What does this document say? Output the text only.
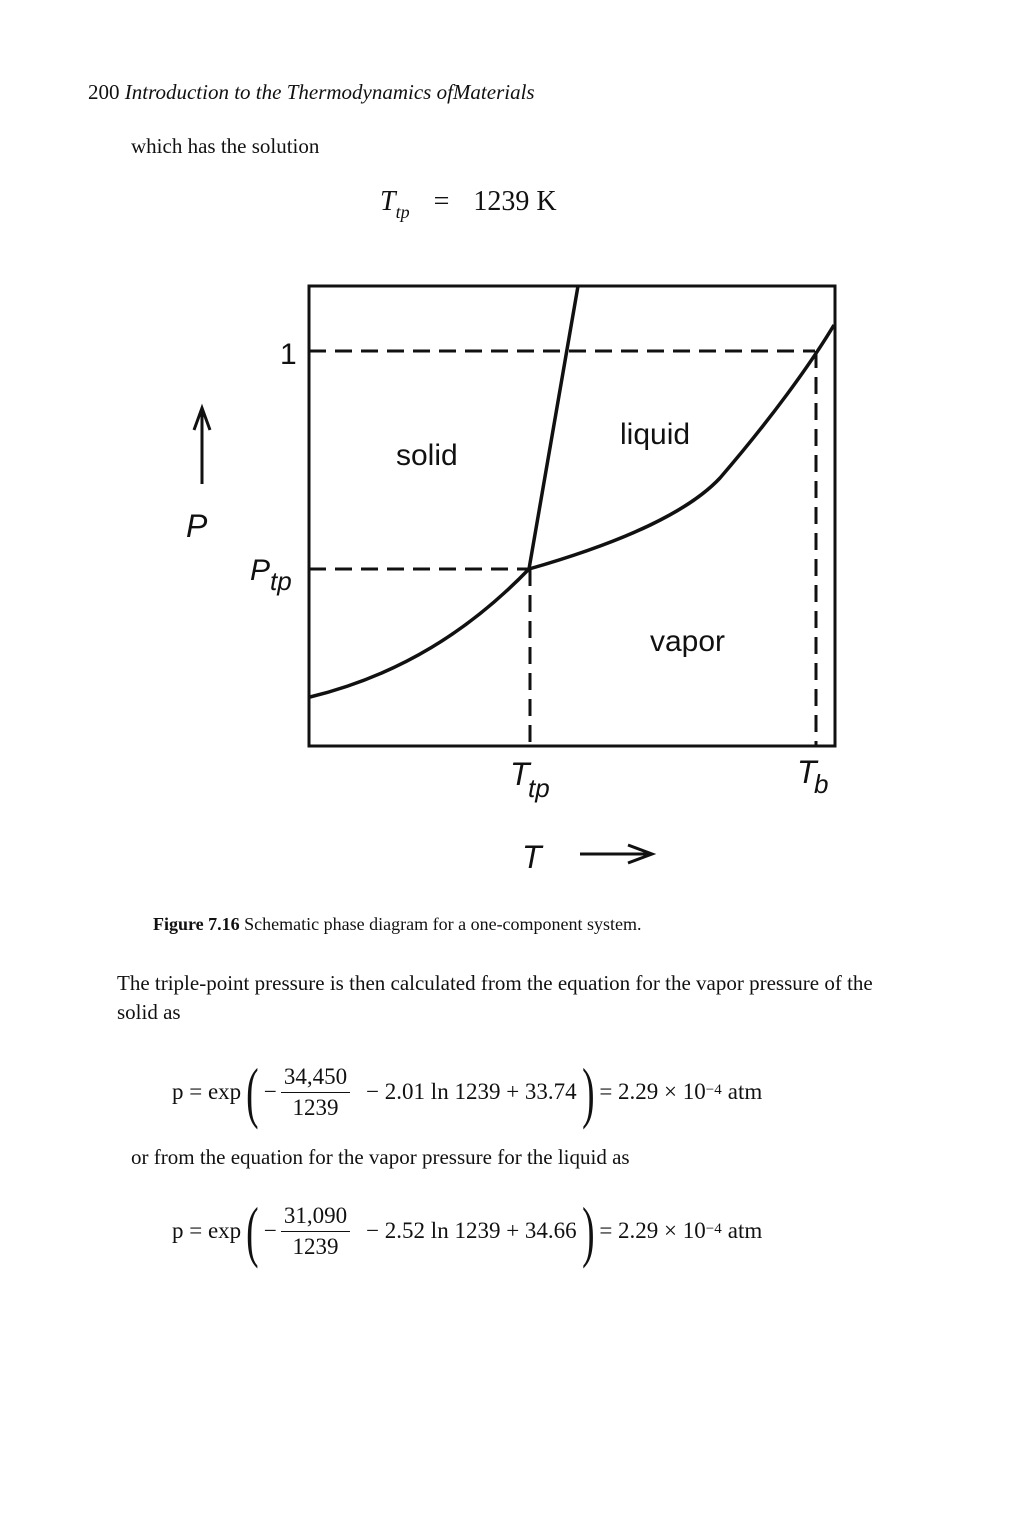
200 Introduction to the Thermodynamics ofMaterials
which has the solution
$T_{tp} = 1239$ K
solid
liquid
vapor
1
P tp
T
tp	T
b
P
T
Figure 7.16 Schematic phase diagram for a one-component system.
The triple-point pressure is then calculated from the equation for the vapor pressure of the solid as
p = exp ( − $\frac{34,450}{1239} - 2.01$ ln 1239 + 33.74 ) = $2.29 \times 10^{-4}$ atm
or from the equation for the vapor pressure for the liquid as
p = exp ( − $\frac{31,090}{1239} - 2.52$ ln 1239 + 34.66 ) = $2.29 \times 10^{-4}$ atm
